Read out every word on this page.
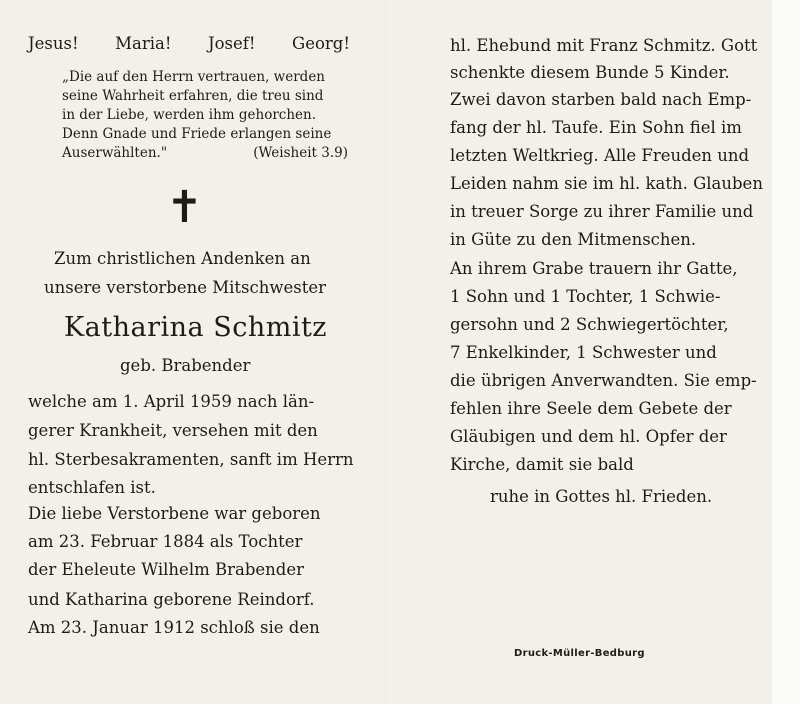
Jesus! Maria! Josef! Georg!
„Die auf den Herrn vertrauen, werden
seine Wahrheit erfahren, die treu sind
in der Liebe, werden ihm gehorchen.
Denn Gnade und Friede erlangen seine
Auserwählten."	(Weisheit 3.9)
✝
Zum christlichen Andenken an
unsere verstorbene Mitschwester
Katharina Schmitz
geb. Brabender
welche am 1. April 1959 nach län-
gerer Krankheit, versehen mit den
hl. Sterbesakramenten, sanft im Herrn
entschlafen ist.
Die liebe Verstorbene war geboren
am 23. Februar 1884 als Tochter
der Eheleute Wilhelm Brabender
und Katharina geborene Reindorf.
Am 23. Januar 1912 schloß sie den
hl. Ehebund mit Franz Schmitz. Gott
schenkte diesem Bunde 5 Kinder.
Zwei davon starben bald nach Emp-
fang der hl. Taufe. Ein Sohn fiel im
letzten Weltkrieg. Alle Freuden und
Leiden nahm sie im hl. kath. Glauben
in treuer Sorge zu ihrer Familie und
in Güte zu den Mitmenschen.
An ihrem Grabe trauern ihr Gatte,
1 Sohn und 1 Tochter, 1 Schwie-
gersohn und 2 Schwiegertöchter,
7 Enkelkinder, 1 Schwester und
die übrigen Anverwandten. Sie emp-
fehlen ihre Seele dem Gebete der
Gläubigen und dem hl. Opfer der
Kirche, damit sie bald
ruhe in Gottes hl. Frieden.
Druck-Müller-Bedburg
